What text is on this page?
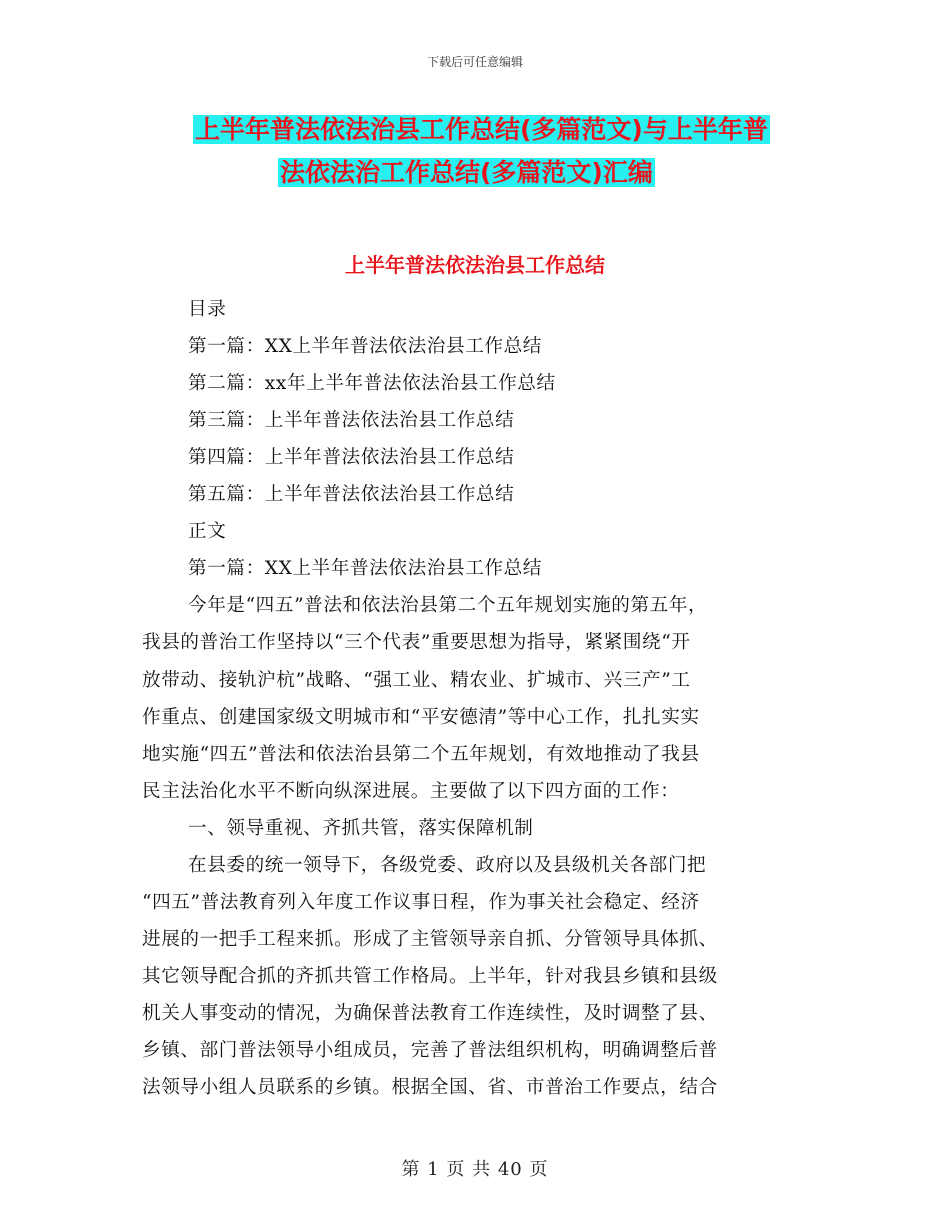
下载后可任意编辑
上半年普法依法治县工作总结(多篇范文)与上半年普
法依法治工作总结(多篇范文)汇编
上半年普法依法治县工作总结
目录
第一篇：XX上半年普法依法治县工作总结
第二篇：xx年上半年普法依法治县工作总结
第三篇：上半年普法依法治县工作总结
第四篇：上半年普法依法治县工作总结
第五篇：上半年普法依法治县工作总结
正文
第一篇：XX上半年普法依法治县工作总结
今年是“四五”普法和依法治县第二个五年规划实施的第五年，
我县的普治工作坚持以“三个代表”重要思想为指导，紧紧围绕“开
放带动、接轨沪杭”战略、“强工业、精农业、扩城市、兴三产”工
作重点、创建国家级文明城市和“平安德清”等中心工作，扎扎实实
地实施“四五”普法和依法治县第二个五年规划，有效地推动了我县
民主法治化水平不断向纵深进展。主要做了以下四方面的工作：
一、领导重视、齐抓共管，落实保障机制
在县委的统一领导下，各级党委、政府以及县级机关各部门把
“四五”普法教育列入年度工作议事日程，作为事关社会稳定、经济
进展的一把手工程来抓。形成了主管领导亲自抓、分管领导具体抓、
其它领导配合抓的齐抓共管工作格局。上半年，针对我县乡镇和县级
机关人事变动的情况，为确保普法教育工作连续性，及时调整了县、
乡镇、部门普法领导小组成员，完善了普法组织机构，明确调整后普
法领导小组人员联系的乡镇。根据全国、省、市普治工作要点，结合
第 1 页 共 40 页
